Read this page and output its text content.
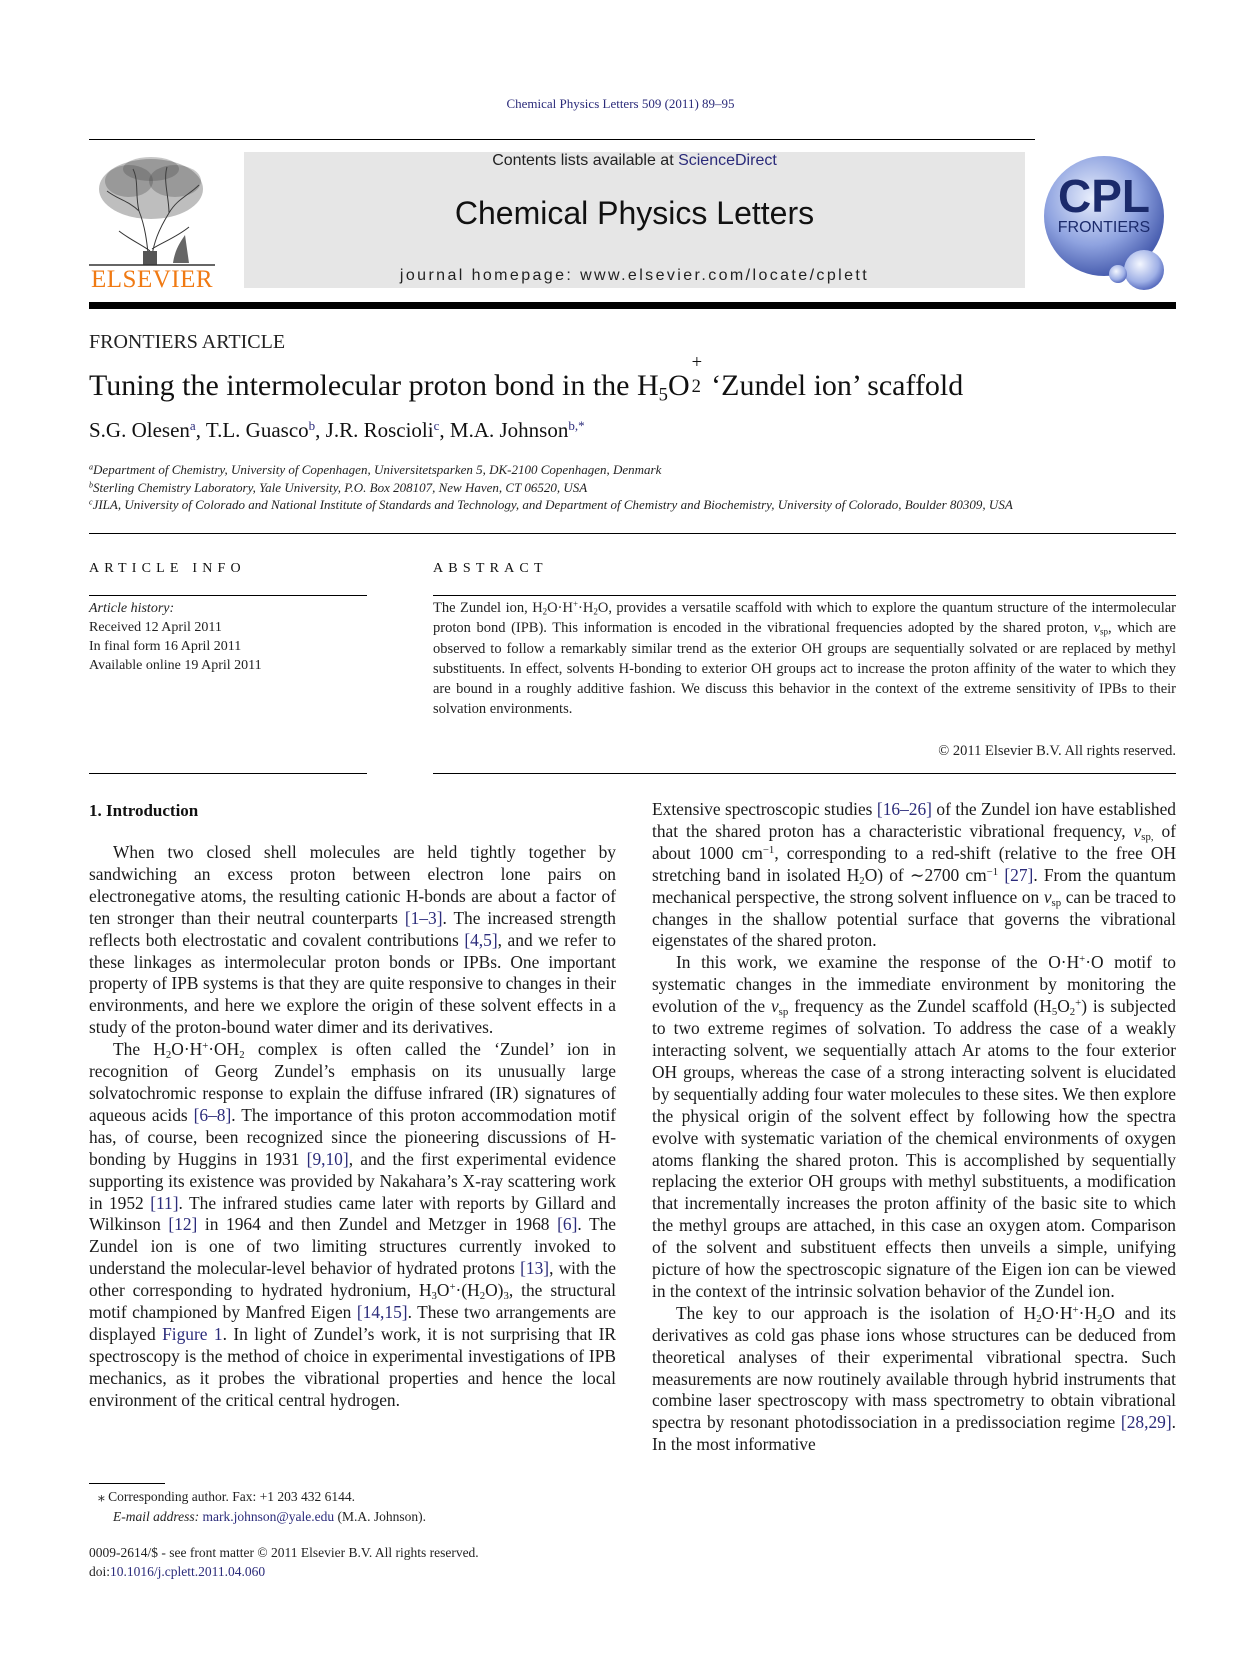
Chemical Physics Letters 509 (2011) 89–95
ELSEVIER
Contents lists available at ScienceDirect
Chemical Physics Letters
journal homepage: www.elsevier.com/locate/cplett
CPL
FRONTIERS
FRONTIERS ARTICLE
Tuning the intermolecular proton bond in the $H_5O$
+
2 ‘Zundel ion’ scaffold
S.G. Olesen$^a$, T.L. Guasco$^b$, J.R. Roscioli$^c$, M.A. Johnson$^{b,*}$
$^a$Department of Chemistry, University of Copenhagen, Universitetsparken 5, DK-2100 Copenhagen, Denmark
$^b$Sterling Chemistry Laboratory, Yale University, P.O. Box 208107, New Haven, CT 06520, USA
$^c$JILA, University of Colorado and National Institute of Standards and Technology, and Department of Chemistry and Biochemistry, University of Colorado, Boulder 80309, USA
ARTICLE INFO
Article history:
Received 12 April 2011
In final form 16 April 2011
Available online 19 April 2011
ABSTRACT
The Zundel ion, $H_2O\cdot H^+\cdot H_2O$, provides a versatile scaffold with which to explore the quantum structure of the intermolecular proton bond (IPB). This information is encoded in the vibrational frequencies adopted by the shared proton, $\nu_{sp}$, which are observed to follow a remarkably similar trend as the exterior OH groups are sequentially solvated or are replaced by methyl substituents. In effect, solvents H-bonding to exterior OH groups act to increase the proton affinity of the water to which they are bound in a roughly additive fashion. We discuss this behavior in the context of the extreme sensitivity of IPBs to their solvation environments.
© 2011 Elsevier B.V. All rights reserved.
1. Introduction

When two closed shell molecules are held tightly together by sandwiching an excess proton between electron lone pairs on electronegative atoms, the resulting cationic H-bonds are about a factor of ten stronger than their neutral counterparts [1–3]. The increased strength reflects both electrostatic and covalent contributions [4,5], and we refer to these linkages as intermolecular proton bonds or IPBs. One important property of IPB systems is that they are quite responsive to changes in their environments, and here we explore the origin of these solvent effects in a study of the proton-bound water dimer and its derivatives.

The $H_2O\cdot H^+\cdot OH_2$ complex is often called the ‘Zundel’ ion in recognition of Georg Zundel’s emphasis on its unusually large solvatochromic response to explain the diffuse infrared (IR) signatures of aqueous acids [6–8]. The importance of this proton accommodation motif has, of course, been recognized since the pioneering discussions of H-bonding by Huggins in 1931 [9,10], and the first experimental evidence supporting its existence was provided by Nakahara’s X-ray scattering work in 1952 [11]. The infrared studies came later with reports by Gillard and Wilkinson [12] in 1964 and then Zundel and Metzger in 1968 [6]. The Zundel ion is one of two limiting structures currently invoked to understand the molecular-level behavior of hydrated protons [13], with the other corresponding to hydrated hydronium, $H_3O^+\cdot(H_2O)_3$, the structural motif championed by Manfred Eigen [14,15]. These two arrangements are displayed Figure 1. In light of Zundel’s work, it is not surprising that IR spectroscopy is the method of choice in experimental investigations of IPB mechanics, as it probes the vibrational properties and hence the local environment of the critical central hydrogen.

Extensive spectroscopic studies [16–26] of the Zundel ion have established that the shared proton has a characteristic vibrational frequency, $\nu_{sp,}$ of about 1000 $cm^{-1}$, corresponding to a red-shift (relative to the free OH stretching band in isolated $H_2O$) of ∼2700 $cm^{-1}$ [27]. From the quantum mechanical perspective, the strong solvent influence on $\nu_{sp}$ can be traced to changes in the shallow potential surface that governs the vibrational eigenstates of the shared proton.

In this work, we examine the response of the O·H+·O motif to systematic changes in the immediate environment by monitoring the evolution of the $\nu_{sp}$ frequency as the Zundel scaffold $(H_5O_2^+)$ is subjected to two extreme regimes of solvation. To address the case of a weakly interacting solvent, we sequentially attach Ar atoms to the four exterior OH groups, whereas the case of a strong interacting solvent is elucidated by sequentially adding four water molecules to these sites. We then explore the physical origin of the solvent effect by following how the spectra evolve with systematic variation of the chemical environments of oxygen atoms flanking the shared proton. This is accomplished by sequentially replacing the exterior OH groups with methyl substituents, a modification that incrementally increases the proton affinity of the basic site to which the methyl groups are attached, in this case an oxygen atom. Comparison of the solvent and substituent effects then unveils a simple, unifying picture of how the spectroscopic signature of the Eigen ion can be viewed in the context of the intrinsic solvation behavior of the Zundel ion.

The key to our approach is the isolation of $H_2O\cdot H^+\cdot H_2O$ and its derivatives as cold gas phase ions whose structures can be deduced from theoretical analyses of their experimental vibrational spectra. Such measurements are now routinely available through hybrid instruments that combine laser spectroscopy with mass spectrometry to obtain vibrational spectra by resonant photodissociation in a predissociation regime [28,29]. In the most informative

⁎ Corresponding author. Fax: +1 203 432 6144.
E-mail address: mark.johnson@yale.edu (M.A. Johnson).
0009-2614/$ - see front matter © 2011 Elsevier B.V. All rights reserved.
doi:10.1016/j.cplett.2011.04.060
